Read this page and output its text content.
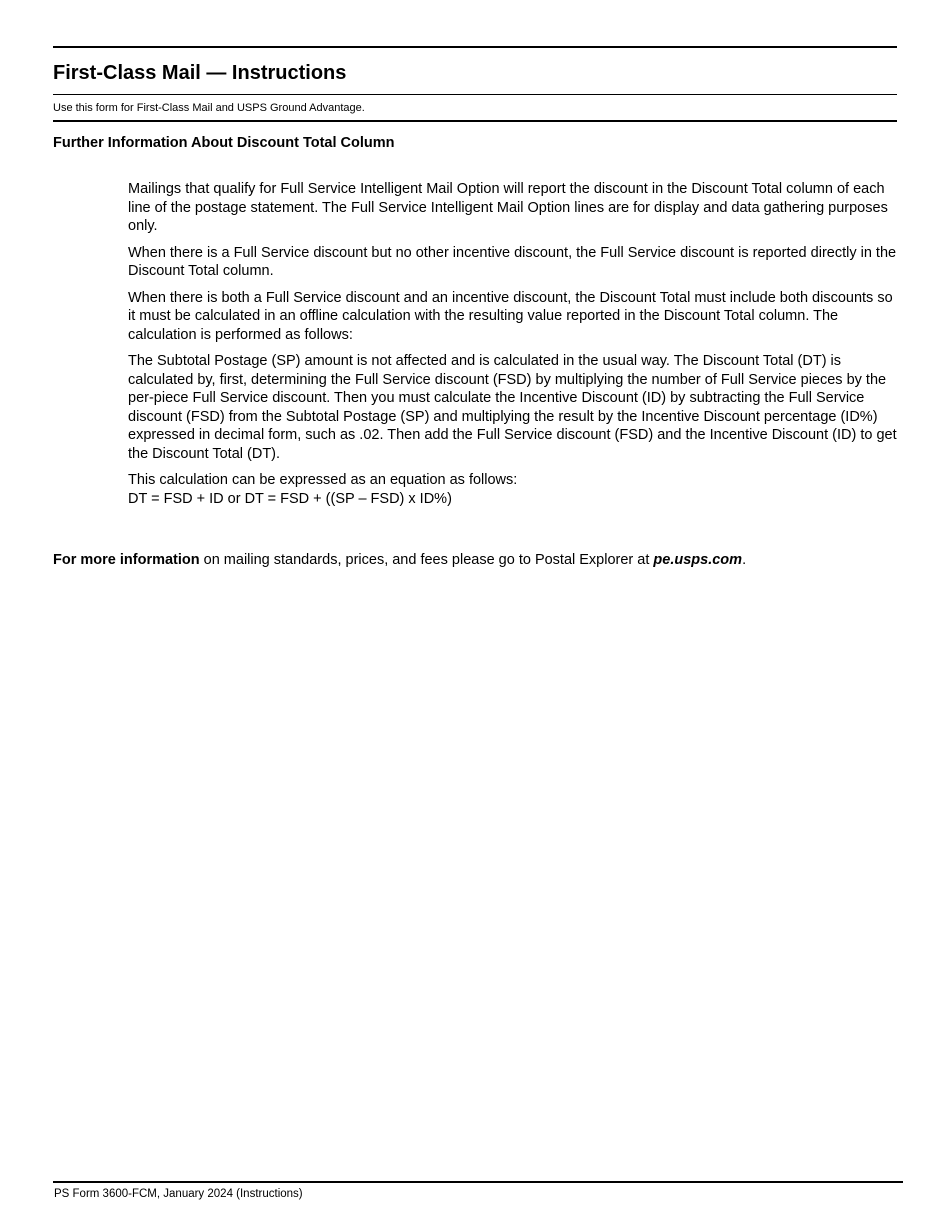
First-Class Mail — Instructions
Use this form for First-Class Mail and USPS Ground Advantage.
Further Information About Discount Total Column

Mailings that qualify for Full Service Intelligent Mail Option will report the discount in the Discount Total column of each line of the postage statement. The Full Service Intelligent Mail Option lines are for display and data gathering purposes only.

When there is a Full Service discount but no other incentive discount, the Full Service discount is reported directly in the Discount Total column.

When there is both a Full Service discount and an incentive discount, the Discount Total must include both discounts so it must be calculated in an offline calculation with the resulting value reported in the Discount Total column. The calculation is performed as follows:

The Subtotal Postage (SP) amount is not affected and is calculated in the usual way. The Discount Total (DT) is calculated by, first, determining the Full Service discount (FSD) by multiplying the number of Full Service pieces by the per-piece Full Service discount. Then you must calculate the Incentive Discount (ID) by subtracting the Full Service discount (FSD) from the Subtotal Postage (SP) and multiplying the result by the Incentive Discount percentage (ID%) expressed in decimal form, such as .02. Then add the Full Service discount (FSD) and the Incentive Discount (ID) to get the Discount Total (DT).

This calculation can be expressed as an equation as follows:
DT = FSD + ID or DT = FSD + ((SP – FSD) x ID%)

For more information on mailing standards, prices, and fees please go to Postal Explorer at pe.usps.com.
PS Form 3600-FCM, January 2024 (Instructions)
